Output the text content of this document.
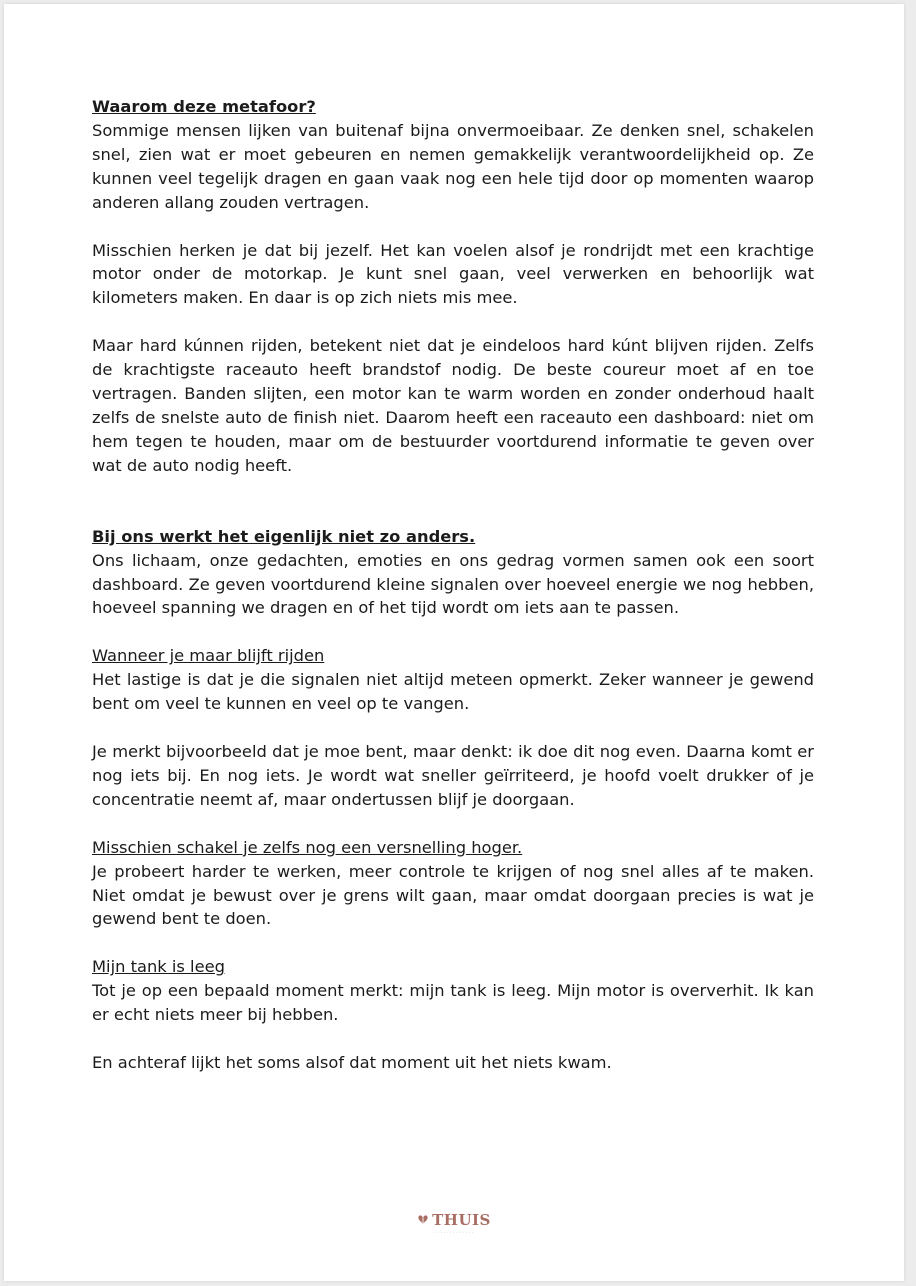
Waarom deze metafoor?

Sommige mensen lijken van buitenaf bijna onvermoeibaar. Ze denken snel, schakelen snel, zien wat er moet gebeuren en nemen gemakkelijk verantwoordelijkheid op. Ze kunnen veel tegelijk dragen en gaan vaak nog een hele tijd door op momenten waarop anderen allang zouden vertragen.

Misschien herken je dat bij jezelf. Het kan voelen alsof je rondrijdt met een krachtige motor onder de motorkap. Je kunt snel gaan, veel verwerken en behoorlijk wat kilometers maken. En daar is op zich niets mis mee.

Maar hard kúnnen rijden, betekent niet dat je eindeloos hard kúnt blijven rijden. Zelfs de krachtigste raceauto heeft brandstof nodig. De beste coureur moet af en toe vertragen. Banden slijten, een motor kan te warm worden en zonder onderhoud haalt zelfs de snelste auto de finish niet. Daarom heeft een raceauto een dashboard: niet om hem tegen te houden, maar om de bestuurder voortdurend informatie te geven over wat de auto nodig heeft.

Bij ons werkt het eigenlijk niet zo anders.

Ons lichaam, onze gedachten, emoties en ons gedrag vormen samen ook een soort dashboard. Ze geven voortdurend kleine signalen over hoeveel energie we nog hebben, hoeveel spanning we dragen en of het tijd wordt om iets aan te passen.

Wanneer je maar blijft rijden

Het lastige is dat je die signalen niet altijd meteen opmerkt. Zeker wanneer je gewend bent om veel te kunnen en veel op te vangen.

Je merkt bijvoorbeeld dat je moe bent, maar denkt: ik doe dit nog even. Daarna komt er nog iets bij. En nog iets. Je wordt wat sneller geïrriteerd, je hoofd voelt drukker of je concentratie neemt af, maar ondertussen blijf je doorgaan.

Misschien schakel je zelfs nog een versnelling hoger.

Je probeert harder te werken, meer controle te krijgen of nog snel alles af te maken. Niet omdat je bewust over je grens wilt gaan, maar omdat doorgaan precies is wat je gewend bent te doen.

Mijn tank is leeg

Tot je op een bepaald moment merkt: mijn tank is leeg. Mijn motor is oververhit. Ik kan er echt niets meer bij hebben.

En achteraf lijkt het soms alsof dat moment uit het niets kwam.

THUIS
· · · · · · · · · · · · ·
